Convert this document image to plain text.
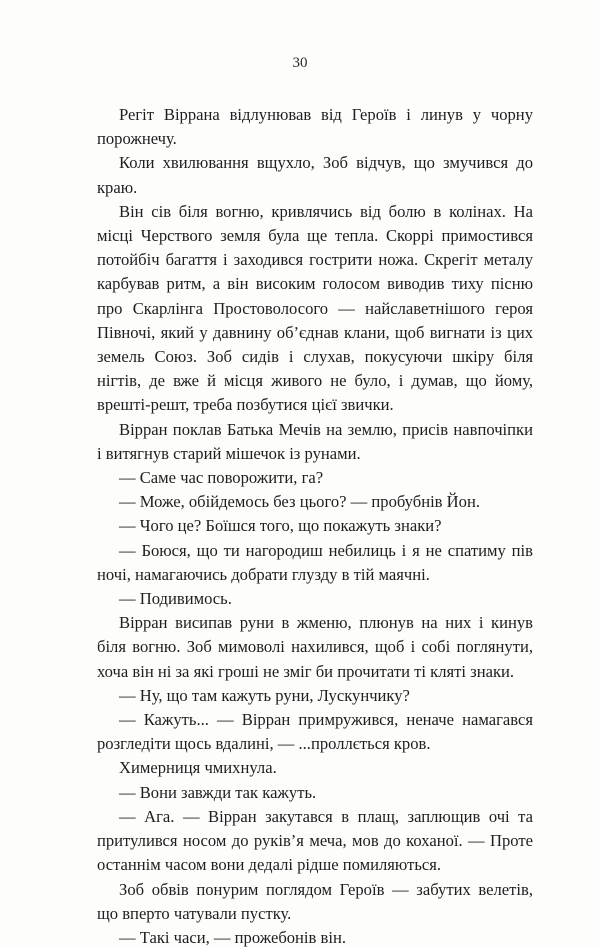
30

Регіт Віррана відлунював від Героїв і линув у чорну порожнечу.

Коли хвилювання вщухло, Зоб відчув, що змучився до краю.

Він сів біля вогню, кривлячись від болю в колінах. На місці Черствого земля була ще тепла. Скоррі примостився потойбіч багаття і заходився гострити ножа. Скрегіт металу карбував ритм, а він високим голосом виводив тиху пісню про Скарлінга Простоволосого — найславетнішого героя Півночі, який у давнину об’єднав клани, щоб вигнати із цих земель Союз. Зоб сидів і слухав, покусуючи шкіру біля нігтів, де вже й місця живого не було, і думав, що йому, врешті-решт, треба позбутися цієї звички.

Віррaн поклав Батька Мечів на землю, присів навпочіпки і витягнув старий мішечок із рунами.

— Саме час поворожити, га?

— Може, обійдемось без цього? — пробубнів Йон.

— Чого це? Боїшся того, що покажуть знаки?

— Боюся, що ти нагородиш небилиць і я не спатиму пів ночі, намагаючись добрати глузду в тій маячні.

— Подивимось.

Віррaн висипав руни в жменю, плюнув на них і кинув біля вогню. Зоб мимоволі нахилився, щоб і собі поглянути, хоча він ні за які гроші не зміг би прочитати ті кляті знаки.

— Ну, що там кажуть руни, Лускунчику?

— Кажуть... — Віррaн примружився, неначе намагався розгледіти щось вдалині, — ...проллється кров.

Химерниця чмихнула.

— Вони завжди так кажуть.

— Ага. — Віррaн закутався в плащ, заплющив очі та притулився носом до руків’я меча, мов до коханої. — Проте останнім часом вони дедалі рідше помиляються.

Зоб обвів понурим поглядом Героїв — забутих велетів, що вперто чатували пустку.

— Такі часи, — прожебонів він.
